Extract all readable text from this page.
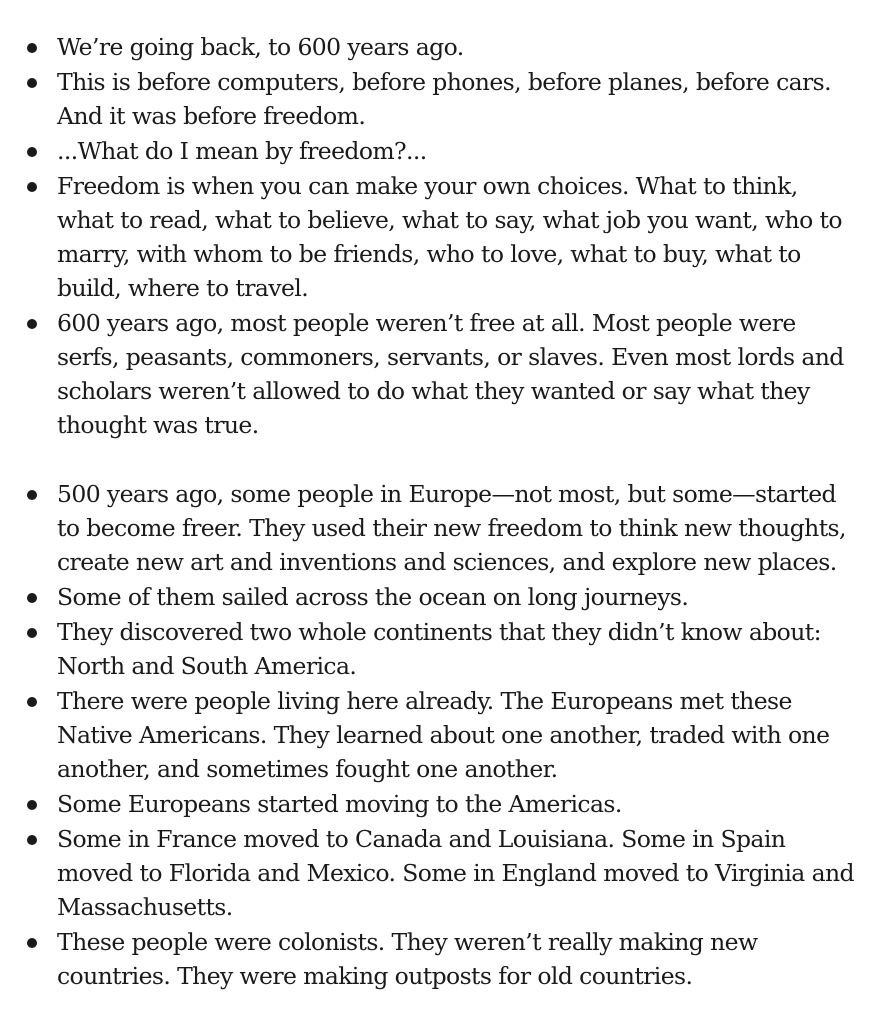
We’re going back, to 600 years ago.
This is before computers, before phones, before planes, before cars. And it was before freedom.
...What do I mean by freedom?...
Freedom is when you can make your own choices. What to think, what to read, what to believe, what to say, what job you want, who to marry, with whom to be friends, who to love, what to buy, what to build, where to travel.
600 years ago, most people weren’t free at all. Most people were serfs, peasants, commoners, servants, or slaves. Even most lords and scholars weren’t allowed to do what they wanted or say what they thought was true.
500 years ago, some people in Europe—not most, but some—started to become freer. They used their new freedom to think new thoughts, create new art and inventions and sciences, and explore new places.
Some of them sailed across the ocean on long journeys.
They discovered two whole continents that they didn’t know about: North and South America.
There were people living here already. The Europeans met these Native Americans. They learned about one another, traded with one another, and sometimes fought one another.
Some Europeans started moving to the Americas.
Some in France moved to Canada and Louisiana. Some in Spain moved to Florida and Mexico. Some in England moved to Virginia and Massachusetts.
These people were colonists. They weren’t really making new countries. They were making outposts for old countries.
